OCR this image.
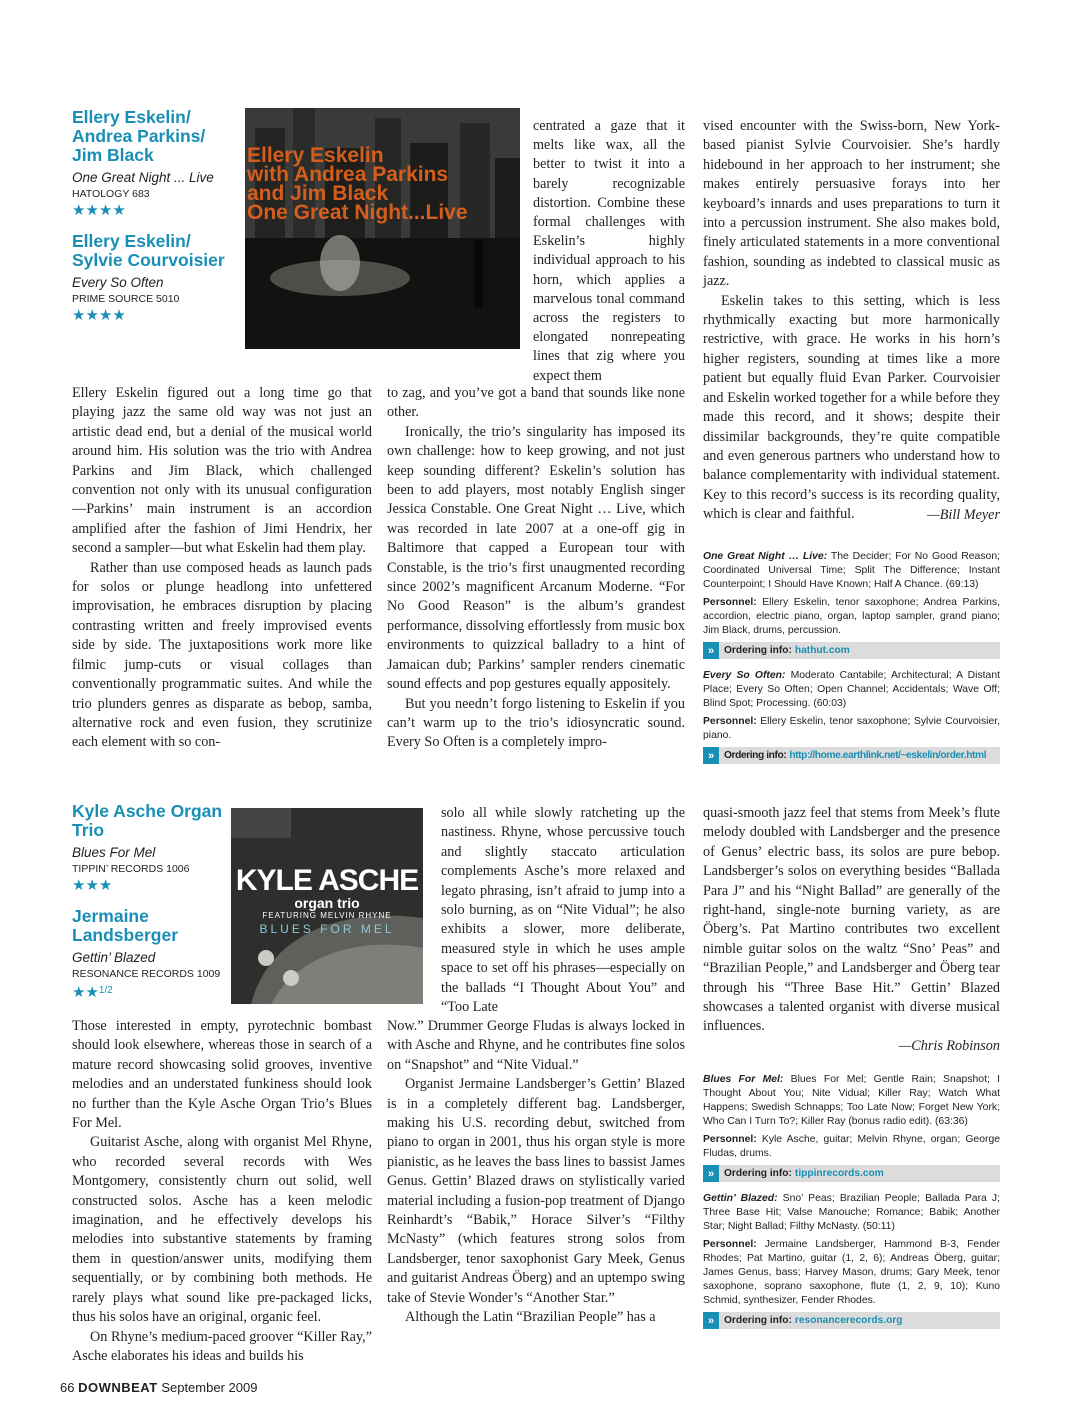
Ellery Eskelin/ Andrea Parkins/ Jim Black
One Great Night ... Live
HATOLOGY 683
★★★★
Ellery Eskelin/ Sylvie Courvoisier
Every So Often
PRIME SOURCE 5010
★★★★
Ellery Eskelin
with Andrea Parkins
and Jim Black
One Great Night...Live

Ellery Eskelin figured out a long time go that playing jazz the same old way was not just an artistic dead end, but a denial of the musical world around him. His solution was the trio with Andrea Parkins and Jim Black, which challenged convention not only with its unusual configuration—Parkins’ main instrument is an accordion amplified after the fashion of Jimi Hendrix, her second a sampler—but what Eskelin had them play.

Rather than use composed heads as launch pads for solos or plunge headlong into unfettered improvisation, he embraces disruption by placing contrasting written and freely improvised events side by side. The juxtapositions work more like filmic jump-cuts or visual collages than conventionally programmatic suites. And while the trio plunders genres as disparate as bebop, samba, alternative rock and even fusion, they scrutinize each element with so con-

centrated a gaze that it melts like wax, all the better to twist it into a barely recognizable distortion. Combine these formal challenges with Eskelin’s highly individual approach to his horn, which applies a marvelous tonal command across the registers to elongated nonrepeating lines that zig where you expect them

to zag, and you’ve got a band that sounds like none other.

Ironically, the trio’s singularity has imposed its own challenge: how to keep growing, and not just keep sounding different? Eskelin’s solution has been to add players, most notably English singer Jessica Constable. One Great Night … Live, which was recorded in late 2007 at a one-off gig in Baltimore that capped a European tour with Constable, is the trio’s first unaugmented recording since 2002’s magnificent Arcanum Moderne. “For No Good Reason” is the album’s grandest performance, dissolving effortlessly from music box environments to quizzical balladry to a hint of Jamaican dub; Parkins’ sampler renders cinematic sound effects and pop gestures equally appositely.

But you needn’t forgo listening to Eskelin if you can’t warm up to the trio’s idiosyncratic sound. Every So Often is a completely impro-

vised encounter with the Swiss-born, New York-based pianist Sylvie Courvoisier. She’s hardly hidebound in her approach to her instrument; she makes entirely persuasive forays into her keyboard’s innards and uses preparations to turn it into a percussion instrument. She also makes bold, finely articulated statements in a more conventional fashion, sounding as indebted to classical music as jazz.

Eskelin takes to this setting, which is less rhythmically exacting but more harmonically restrictive, with grace. He works in his horn’s higher registers, sounding at times like a more patient but equally fluid Evan Parker. Courvoisier and Eskelin worked together for a while before they made this record, and it shows; despite their dissimilar backgrounds, they’re quite compatible and even generous partners who understand how to balance complementarity with individual statement. Key to this record’s success is its recording quality, which is clear and faithful.	—Bill Meyer

One Great Night … Live: The Decider; For No Good Reason; Coordinated Universal Time; Split The Difference; Instant Counterpoint; I Should Have Known; Half A Chance. (69:13)

Personnel: Ellery Eskelin, tenor saxophone; Andrea Parkins, accordion, electric piano, organ, laptop sampler, grand piano; Jim Black, drums, percussion.

» Ordering info: hathut.com

Every So Often: Moderato Cantabile; Architectural; A Distant Place; Every So Often; Open Channel; Accidentals; Wave Off; Blind Spot; Processing. (60:03)

Personnel: Ellery Eskelin, tenor saxophone; Sylvie Courvoisier, piano.

» Ordering info: http://home.earthlink.net/~eskelin/order.html
Kyle Asche Organ Trio
Blues For Mel
TIPPIN’ RECORDS 1006
★★★
Jermaine Landsberger
Gettin’ Blazed
RESONANCE RECORDS 1009
★★$^{1/2}$
KYLE ASCHE
organ trio
FEATURING MELVIN RHYNE
BLUES FOR MEL

Those interested in empty, pyrotechnic bombast should look elsewhere, whereas those in search of a mature record showcasing solid grooves, inventive melodies and an understated funkiness should look no further than the Kyle Asche Organ Trio’s Blues For Mel.

Guitarist Asche, along with organist Mel Rhyne, who recorded several records with Wes Montgomery, consistently churn out solid, well constructed solos. Asche has a keen melodic imagination, and he effectively develops his melodies into substantive statements by framing them in question/answer units, modifying them sequentially, or by combining both methods. He rarely plays what sound like pre-packaged licks, thus his solos have an original, organic feel.

On Rhyne’s medium-paced groover “Killer Ray,” Asche elaborates his ideas and builds his

solo all while slowly ratcheting up the nastiness. Rhyne, whose percussive touch and slightly staccato articulation complements Asche’s more relaxed and legato phrasing, isn’t afraid to jump into a solo burning, as on “Nite Vidual”; he also exhibits a slower, more deliberate, measured style in which he uses ample space to set off his phrases—especially on the ballads “I Thought About You” and “Too Late

Now.” Drummer George Fludas is always locked in with Asche and Rhyne, and he contributes fine solos on “Snapshot” and “Nite Vidual.”

Organist Jermaine Landsberger’s Gettin’ Blazed is in a completely different bag. Landsberger, making his U.S. recording debut, switched from piano to organ in 2001, thus his organ style is more pianistic, as he leaves the bass lines to bassist James Genus. Gettin’ Blazed draws on stylistically varied material including a fusion-pop treatment of Django Reinhardt’s “Babik,” Horace Silver’s “Filthy McNasty” (which features strong solos from Landsberger, tenor saxophonist Gary Meek, Genus and guitarist Andreas Öberg) and an uptempo swing take of Stevie Wonder’s “Another Star.”

Although the Latin “Brazilian People” has a

quasi-smooth jazz feel that stems from Meek’s flute melody doubled with Landsberger and the presence of Genus’ electric bass, its solos are pure bebop. Landsberger’s solos on everything besides “Ballada Para J” and his “Night Ballad” are generally of the right-hand, single-note burning variety, as are Öberg’s. Pat Martino contributes two excellent nimble guitar solos on the waltz “Sno’ Peas” and “Brazilian People,” and Landsberger and Öberg tear through his “Three Base Hit.” Gettin’ Blazed showcases a talented organist with diverse musical influences.

—Chris Robinson

Blues For Mel: Blues For Mel; Gentle Rain; Snapshot; I Thought About You; Nite Vidual; Killer Ray; Watch What Happens; Swedish Schnapps; Too Late Now; Forget New York; Who Can I Turn To?; Killer Ray (bonus radio edit). (63:36)

Personnel: Kyle Asche, guitar; Melvin Rhyne, organ; George Fludas, drums.

» Ordering info: tippinrecords.com

Gettin’ Blazed: Sno’ Peas; Brazilian People; Ballada Para J; Three Base Hit; Valse Manouche; Romance; Babik; Another Star; Night Ballad; Filthy McNasty. (50:11)

Personnel: Jermaine Landsberger, Hammond B-3, Fender Rhodes; Pat Martino, guitar (1, 2, 6); Andreas Öberg, guitar; James Genus, bass; Harvey Mason, drums; Gary Meek, tenor saxophone, soprano saxophone, flute (1, 2, 9, 10); Kuno Schmid, synthesizer, Fender Rhodes.

» Ordering info: resonancerecords.org
66 DOWNBEAT September 2009
